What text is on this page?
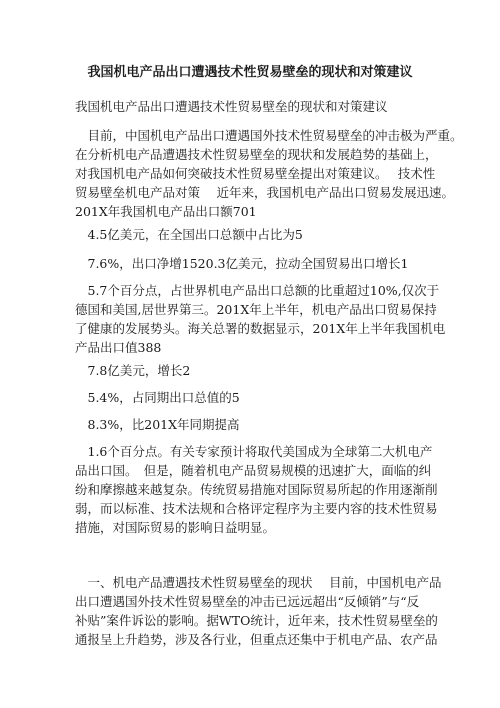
我国机电产品出口遭遇技术性贸易壁垒的现状和对策建议
我国机电产品出口遭遇技术性贸易壁垒的现状和对策建议
　目前，中国机电产品出口遭遇国外技术性贸易壁垒的冲击极为严重。
在分析机电产品遭遇技术性贸易壁垒的现状和发展趋势的基础上，
对我国机电产品如何突破技术性贸易壁垒提出对策建议。　 技术性
贸易壁垒机电产品对策　 近年来，我国机电产品出口贸易发展迅速。
201X年我国机电产品出口额701
　4.5亿美元，在全国出口总额中占比为5
　7.6%，出口净增1520.3亿美元，拉动全国贸易出口增长1
　5.7个百分点，占世界机电产品出口总额的比重超过10%,仅次于
德国和美国,居世界第三。201X年上半年，机电产品出口贸易保持
了健康的发展势头。海关总署的数据显示，201X年上半年我国机电
产品出口值388
　7.8亿美元，增长2
　5.4%，占同期出口总值的5
　8.3%，比201X年同期提高
　1.6个百分点。有关专家预计将取代美国成为全球第二大机电产
品出口国。　但是，随着机电产品贸易规模的迅速扩大，面临的纠
纷和摩擦越来越复杂。传统贸易措施对国际贸易所起的作用逐渐削
弱，而以标准、技术法规和合格评定程序为主要内容的技术性贸易
措施，对国际贸易的影响日益明显。
　一、机电产品遭遇技术性贸易壁垒的现状　 目前，中国机电产品
出口遭遇国外技术性贸易壁垒的冲击已远远超出“反倾销”与“反
补贴”案件诉讼的影响。据WTO统计，近年来，技术性贸易壁垒的
通报呈上升趋势，涉及各行业，但重点还集中于机电产品、农产品
